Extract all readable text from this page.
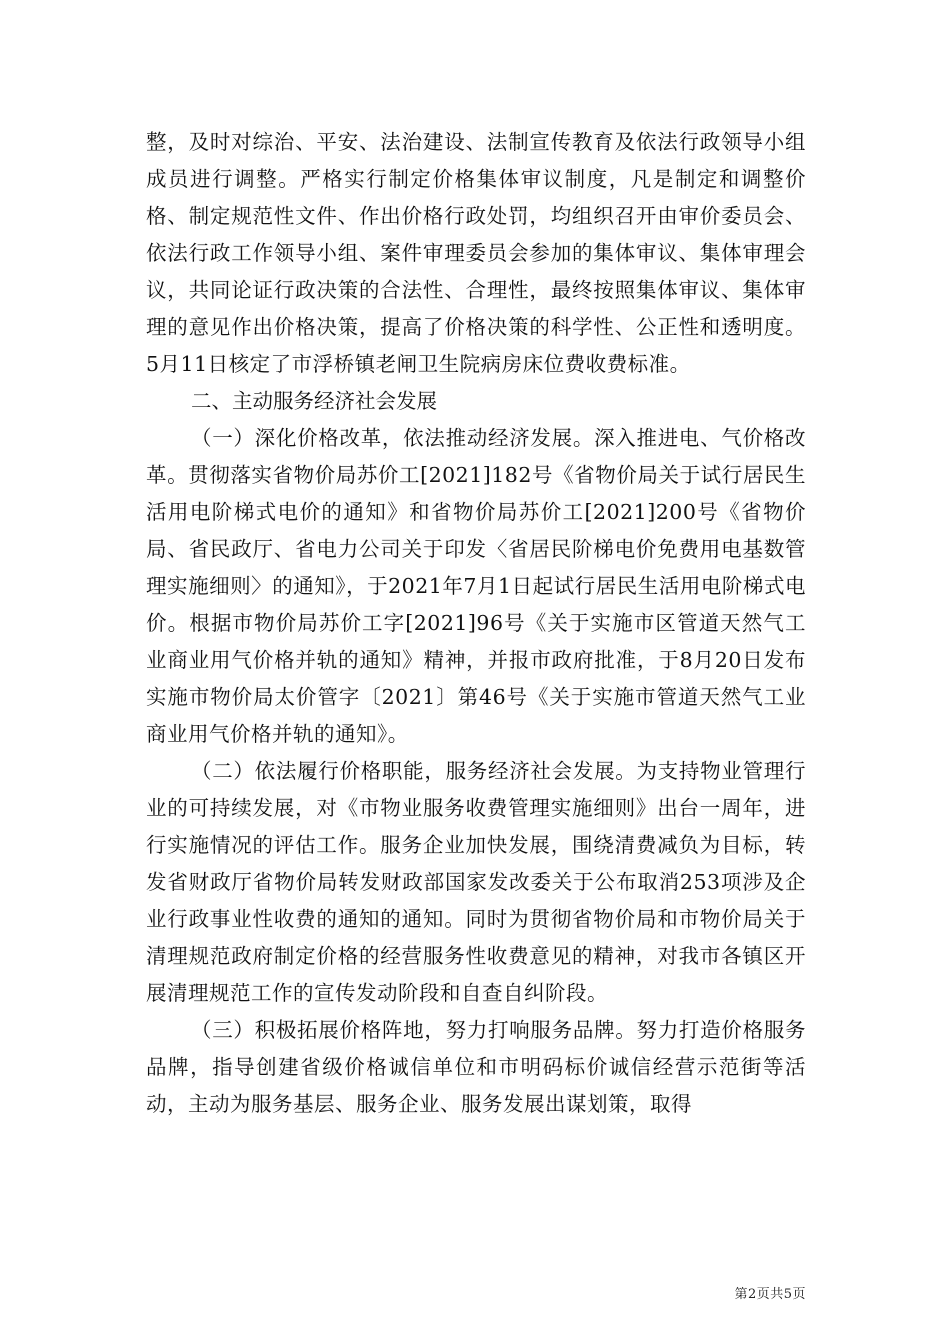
整，及时对综治、平安、法治建设、法制宣传教育及依法行政领导小组成员进行调整。严格实行制定价格集体审议制度，凡是制定和调整价格、制定规范性文件、作出价格行政处罚，均组织召开由审价委员会、依法行政工作领导小组、案件审理委员会参加的集体审议、集体审理会议，共同论证行政决策的合法性、合理性，最终按照集体审议、集体审理的意见作出价格决策，提高了价格决策的科学性、公正性和透明度。5月11日核定了市浮桥镇老闸卫生院病房床位费收费标准。

二、主动服务经济社会发展

（一）深化价格改革，依法推动经济发展。深入推进电、气价格改革。贯彻落实省物价局苏价工[2021]182号《省物价局关于试行居民生活用电阶梯式电价的通知》和省物价局苏价工[2021]200号《省物价局、省民政厅、省电力公司关于印发〈省居民阶梯电价免费用电基数管理实施细则〉的通知》，于2021年7月1日起试行居民生活用电阶梯式电价。根据市物价局苏价工字[2021]96号《关于实施市区管道天然气工业商业用气价格并轨的通知》精神，并报市政府批准，于8月20日发布实施市物价局太价管字〔2021〕第46号《关于实施市管道天然气工业商业用气价格并轨的通知》。

（二）依法履行价格职能，服务经济社会发展。为支持物业管理行业的可持续发展，对《市物业服务收费管理实施细则》出台一周年，进行实施情况的评估工作。服务企业加快发展，围绕清费减负为目标，转发省财政厅省物价局转发财政部国家发改委关于公布取消253项涉及企业行政事业性收费的通知的通知。同时为贯彻省物价局和市物价局关于清理规范政府制定价格的经营服务性收费意见的精神，对我市各镇区开展清理规范工作的宣传发动阶段和自查自纠阶段。

（三）积极拓展价格阵地，努力打响服务品牌。努力打造价格服务品牌，指导创建省级价格诚信单位和市明码标价诚信经营示范街等活动，主动为服务基层、服务企业、服务发展出谋划策，取得

第2页共5页
